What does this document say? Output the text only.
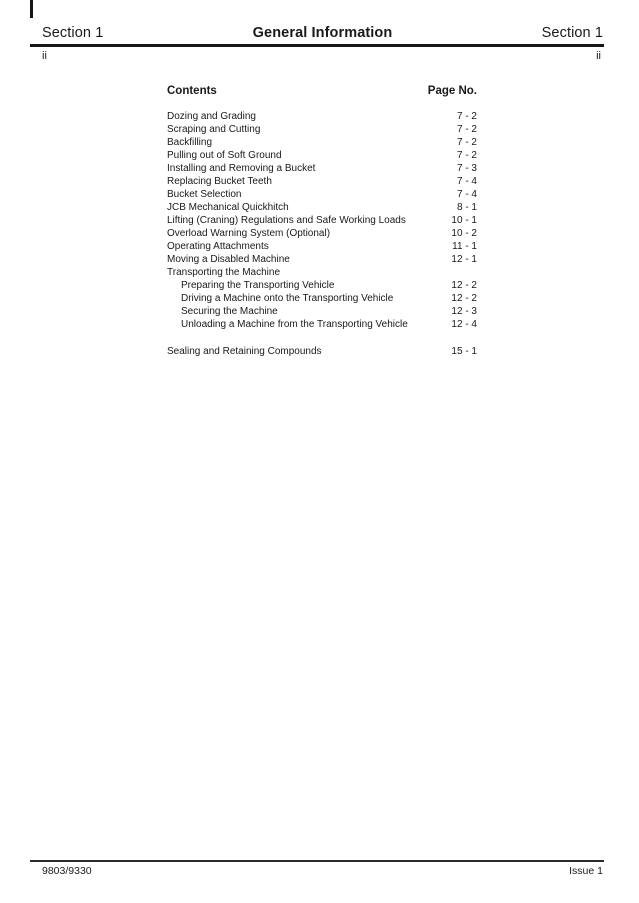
Section 1	General Information	Section 1
ii	ii
Contents	Page No.
Dozing and Grading	7 - 2
Scraping and Cutting	7 - 2
Backfilling	7 - 2
Pulling out of Soft Ground	7 - 2
Installing and Removing a Bucket	7 - 3
Replacing Bucket Teeth	7 - 4
Bucket Selection	7 - 4
JCB Mechanical Quickhitch	8 - 1
Lifting (Craning) Regulations and Safe Working Loads	10 - 1
Overload Warning System (Optional)	10 - 2
Operating Attachments	11 - 1
Moving a Disabled Machine	12 - 1
Transporting the Machine
Preparing the Transporting Vehicle	12 - 2
Driving a Machine onto the Transporting Vehicle	12 - 2
Securing the Machine	12 - 3
Unloading a Machine from the Transporting Vehicle	12 - 4
Sealing and Retaining Compounds	15 - 1
9803/9330	Issue 1
